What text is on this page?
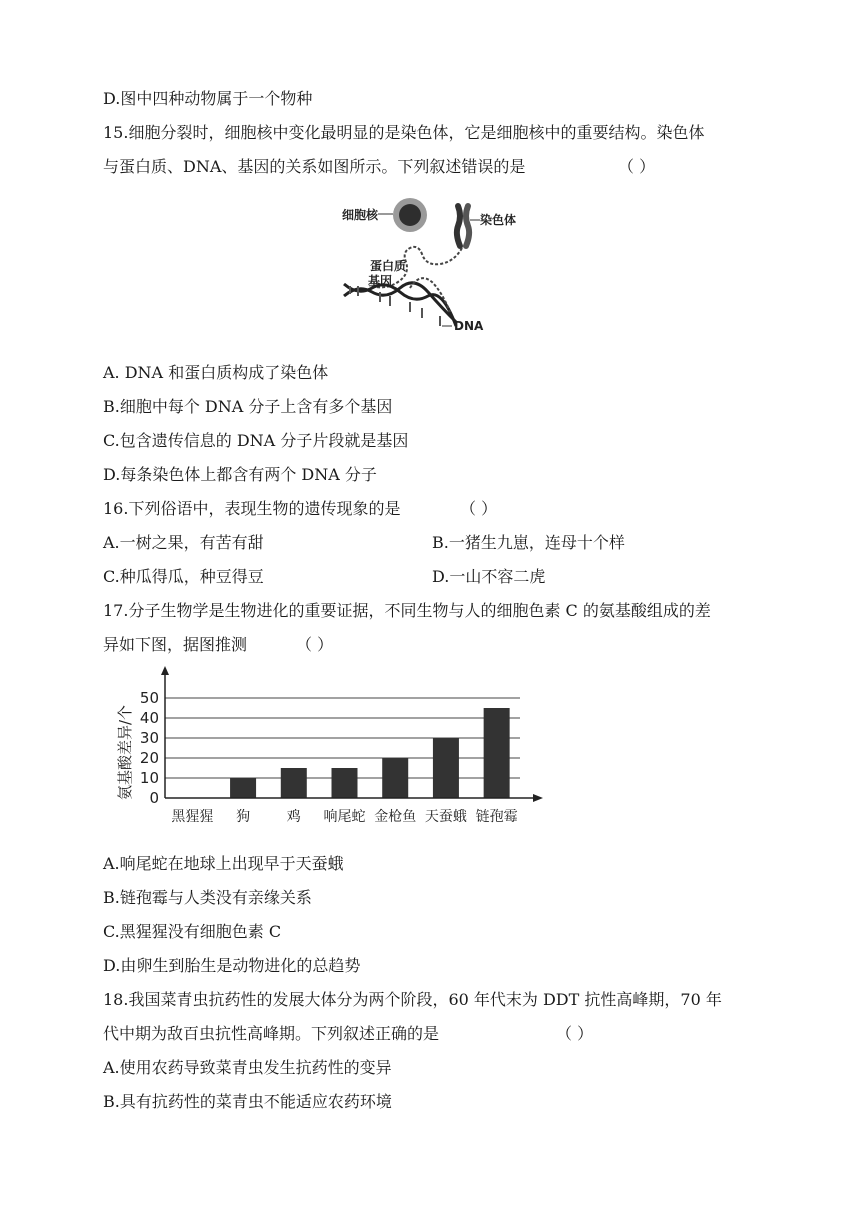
D.图中四种动物属于一个物种
15.细胞分裂时，细胞核中变化最明显的是染色体，它是细胞核中的重要结构。染色体
与蛋白质、DNA、基因的关系如图所示。下列叙述错误的是	（ ）
细胞核	染色体
蛋白质
基因
DNA
A. DNA 和蛋白质构成了染色体
B.细胞中每个 DNA 分子上含有多个基因
C.包含遗传信息的 DNA 分子片段就是基因
D.每条染色体上都含有两个 DNA 分子
16.下列俗语中，表现生物的遗传现象的是	（ ）
A.一树之果，有苦有甜	B.一猪生九崽，连母十个样
C.种瓜得瓜，种豆得豆	D.一山不容二虎
17.分子生物学是生物进化的重要证据，不同生物与人的细胞色素 C 的氨基酸组成的差
异如下图，据图推测	（ ）
0
10
20
30
40
50
黑猩猩 狗	鸡 响尾蛇 金枪鱼 天蚕蛾 链孢霉
氨基酸差异/个
A.响尾蛇在地球上出现早于天蚕蛾
B.链孢霉与人类没有亲缘关系
C.黑猩猩没有细胞色素 C
D.由卵生到胎生是动物进化的总趋势
18.我国菜青虫抗药性的发展大体分为两个阶段，60 年代末为 DDT 抗性高峰期，70 年
代中期为敌百虫抗性高峰期。下列叙述正确的是	（ ）
A.使用农药导致菜青虫发生抗药性的变异
B.具有抗药性的菜青虫不能适应农药环境
